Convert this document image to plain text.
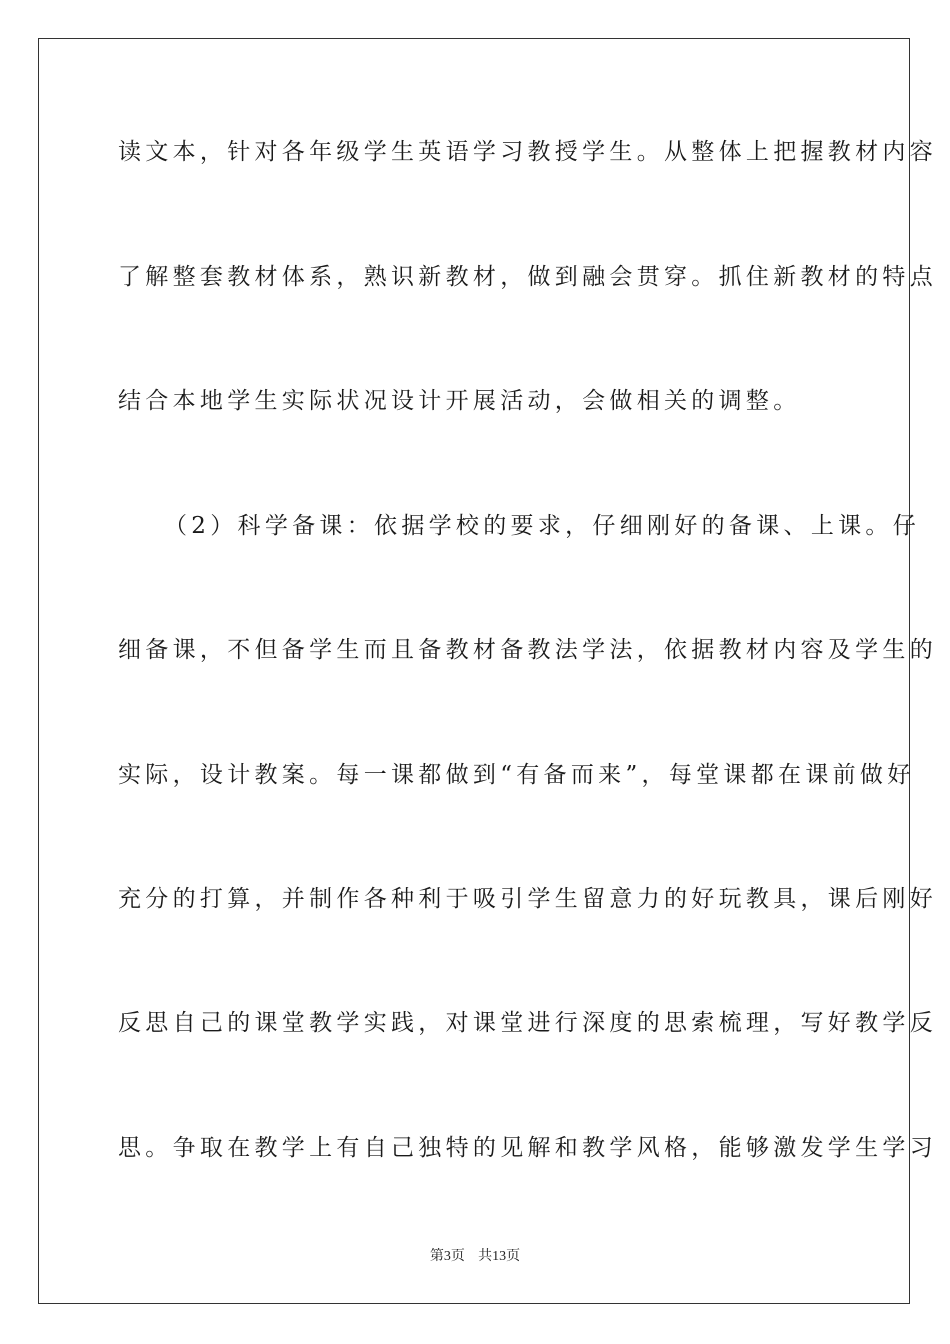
读文本，针对各年级学生英语学习教授学生。从整体上把握教材内容
了解整套教材体系，熟识新教材，做到融会贯穿。抓住新教材的特点
结合本地学生实际状况设计开展活动，会做相关的调整。
（2）科学备课：依据学校的要求，仔细刚好的备课、上课。仔
细备课，不但备学生而且备教材备教法学法，依据教材内容及学生的
实际，设计教案。每一课都做到“有备而来”，每堂课都在课前做好
充分的打算，并制作各种利于吸引学生留意力的好玩教具，课后刚好
反思自己的课堂教学实践，对课堂进行深度的思索梳理，写好教学反
思。争取在教学上有自己独特的见解和教学风格，能够激发学生学习
第3页 共13页
